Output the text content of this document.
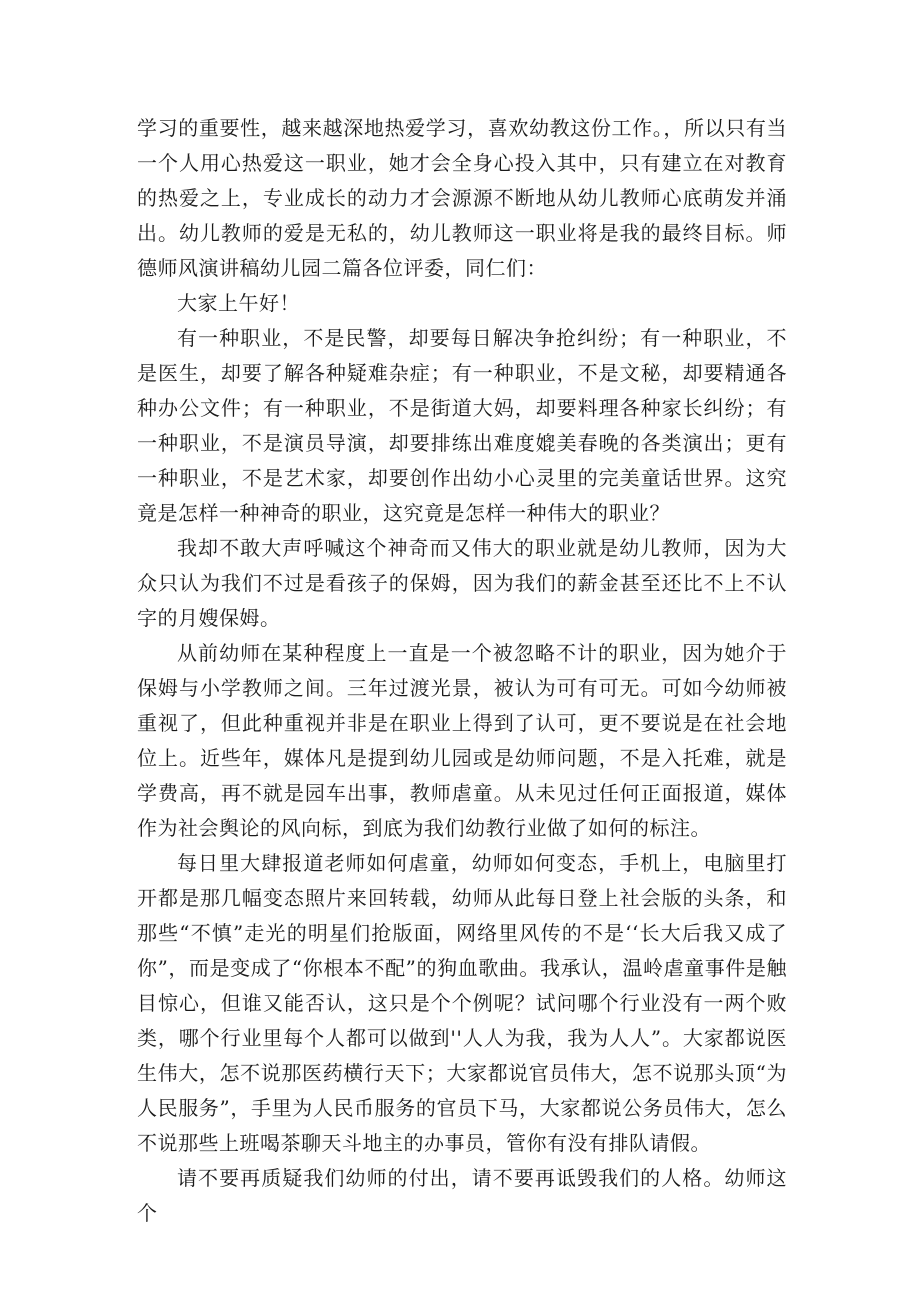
学习的重要性，越来越深地热爱学习，喜欢幼教这份工作。，所以只有当一个人用心热爱这一职业，她才会全身心投入其中，只有建立在对教育的热爱之上，专业成长的动力才会源源不断地从幼儿教师心底萌发并涌出。幼儿教师的爱是无私的，幼儿教师这一职业将是我的最终目标。师德师风演讲稿幼儿园二篇各位评委，同仁们：

大家上午好！

有一种职业，不是民警，却要每日解决争抢纠纷；有一种职业，不是医生，却要了解各种疑难杂症；有一种职业，不是文秘，却要精通各种办公文件；有一种职业，不是街道大妈，却要料理各种家长纠纷；有一种职业，不是演员导演，却要排练出难度媲美春晚的各类演出；更有一种职业，不是艺术家，却要创作出幼小心灵里的完美童话世界。这究竟是怎样一种神奇的职业，这究竟是怎样一种伟大的职业？

我却不敢大声呼喊这个神奇而又伟大的职业就是幼儿教师，因为大众只认为我们不过是看孩子的保姆，因为我们的薪金甚至还比不上不认字的月嫂保姆。

从前幼师在某种程度上一直是一个被忽略不计的职业，因为她介于保姆与小学教师之间。三年过渡光景，被认为可有可无。可如今幼师被重视了，但此种重视并非是在职业上得到了认可，更不要说是在社会地位上。近些年，媒体凡是提到幼儿园或是幼师问题，不是入托难，就是学费高，再不就是园车出事，教师虐童。从未见过任何正面报道，媒体作为社会舆论的风向标，到底为我们幼教行业做了如何的标注。

每日里大肆报道老师如何虐童，幼师如何变态，手机上，电脑里打开都是那几幅变态照片来回转载，幼师从此每日登上社会版的头条，和那些“不慎”走光的明星们抢版面，网络里风传的不是‘‘长大后我又成了你”，而是变成了“你根本不配”的狗血歌曲。我承认，温岭虐童事件是触目惊心，但谁又能否认，这只是个个例呢？试问哪个行业没有一两个败类，哪个行业里每个人都可以做到''人人为我，我为人人”。大家都说医生伟大，怎不说那医药横行天下；大家都说官员伟大，怎不说那头顶“为人民服务”，手里为人民币服务的官员下马，大家都说公务员伟大，怎么不说那些上班喝茶聊天斗地主的办事员，管你有没有排队请假。

请不要再质疑我们幼师的付出，请不要再诋毁我们的人格。幼师这个
